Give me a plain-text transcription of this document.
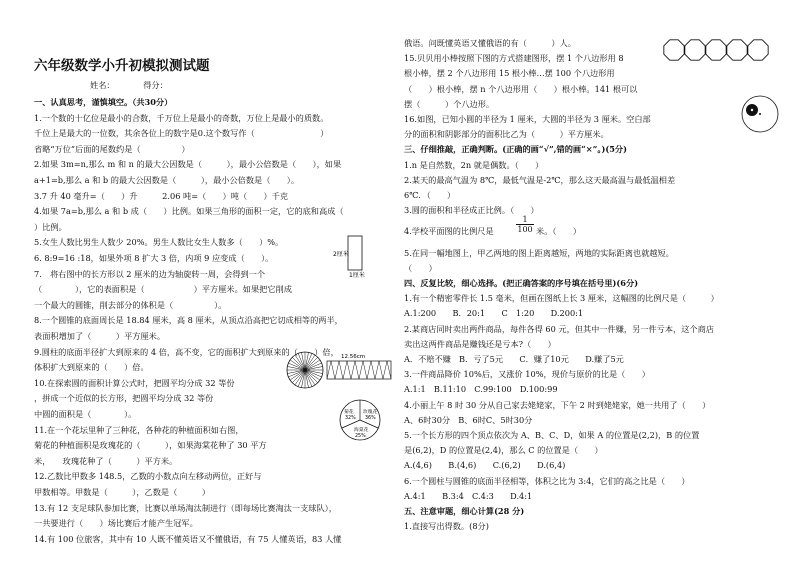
六年级数学小升初模拟测试题
姓名：　　　　得分：
一、认真思考，谨慎填空。（共30分）
1.一个数的十亿位是最小的合数，千万位上是最小的奇数，万位上是最小的质数。
千位上是最大的一位数，其余各位上的数字是0.这个数写作（　　　　　　　　）
省略“万位”后面的尾数约是（　　　　　）
2.如果 3m=n,那么 m 和 n 的最大公因数是（　　　），最小公倍数是（　　），如果
a+1=b,那么 a 和 b 的最大公因数是（　　　），最小公倍数是（　　）。
3.7 升 40 毫升=（　　）升　　　2.06 吨=（　　）吨（　　）千克
4.如果 7a=b,那么 a 和 b 成（　　）比例。如果三角形的面积一定，它的底和高成（　　
）比例。
5.女生人数比男生人数少 20%。男生人数比女生人数多（　　）%。
6. 8:9=16 :18，如果外项 8 扩大 3 倍，内项 9 应变成（　　）。
7.　将右图中的长方形以 2 厘米的边为轴旋转一周，会得到一个
（　　　　），它的表面积是（　　　　　　）平方厘米。如果把它削成
一个最大的圆锥，削去部分的体积是（　　　　　）。
8.一个圆锥的底面周长是 18.84 厘米，高 8 厘米，从顶点沿高把它切成相等的两半，
表面积增加了（　　　）平方厘米。
9.圆柱的底面半径扩大到原来的 4 倍，高不变，它的面积扩大到原来的（　　）倍，
体积扩大到原来的（　　）倍。
10.在探索圆的面积计算公式时，把圆平均分成 32 等份
，拼成一个近似的长方形，把圆平均分成 32 等份
中圆的面积是（　　　　）。
11.在一个花坛里种了三种花，各种花的种植面积如右图，
菊花的种植面积是玫瑰花的（　　　），如果海棠花种了 30 平方
米，　　玫瑰花种了（　　　）平方米。
12.乙数比甲数多 148.5，乙数的小数点向左移动两位，正好与
甲数相等。甲数是（　　　），乙数是（　　　）
13.有 12 支足球队参加比赛，比赛以单场淘汰制进行（即每场比赛淘汰一支球队），
一共要进行（　　）场比赛后才能产生冠军。
14.有 100 位旅客，其中有 10 人既不懂英语又不懂俄语，有 75 人懂英语，83 人懂
俄语。问既懂英语又懂俄语的有（　　　）人。
15.贝贝用小棒按照下图的方式搭建图形，摆 1 个八边形用 8
根小棒，摆 2 个八边形用 15 根小棒…摆 100 个八边形用
（　　）根小棒，摆 n 个八边形用（　　）根小棒。141 根可以
摆（　　　）个八边形。
16.如图，已知小圆的半径为 1 厘米，大圆的半径为 3 厘米。空白部
分的面积和阴影部分的面积比乙为（　　　）平方厘米。
三、仔细推敲，正确判断。(正确的画“√”,错的画“×”。)(5分)
1.n 是自然数，2n 就是偶数。（　　）
2.某天的最高气温为 8℃，最低气温是-2℃，那么这天最高温与最低温相差
6℃．（　　）
3.圆的面积和半径成正比例。（　　）
4.学校平面图的比例尺是	米。（　　）
5.在同一幅地图上，甲乙两地的图上距离越短，两地的实际距离也就越短。
（　　）
四、反复比较，细心选择。(把正确答案的序号填在括号里)(6分)
1.有一个精密零件长 1.5 毫米，但画在图纸上长 3 厘米，这幅图的比例尺是（　　　）
A.1:200　　B．20:1　　C　1:20　　D.200:1
2.某商店同时卖出两件商品，每件各得 60 元，但其中一件赚，另一件亏本，这个商店
卖出这两件商品是赚钱还是亏本?（　　）
A．不赔不赚　B．亏了5元　　C．赚了10元　　D.赚了5元
3.一件商品降价 10%后，又涨价 10%，现价与原价的比是（　　）
A.1:1　B.11:10　C.99:100　D.100:99
4.小丽上午 8 时 30 分从自己家去姥姥家，下午 2 时到姥姥家，她一共用了（　　）
A、6时30分　B、6时C、5时30分
5.一个长方形的四个顶点依次为 A、B、C、D，如果 A 的位置是(2,2)，B 的位置
是(6,2)，D 的位置是(2,4)，那么 C 的位置是（　　）
A.(4,6)　　B.(4,6)　　C.(6,2)　　D.(6,4)
6.一个圆柱与圆锥的底面半径相等，体积之比为 3:4，它们的高之比是（　　）
A.4:1　　B.3:4　C.4:3　　D.4:1
五、注意审题，细心计算(28 分)
1.直接写出得数。(8分)
$\frac{1}{100}$
2厘米
1厘米
12.56cm
菊花
32%
玫瑰花
36%
海棠花
25%
